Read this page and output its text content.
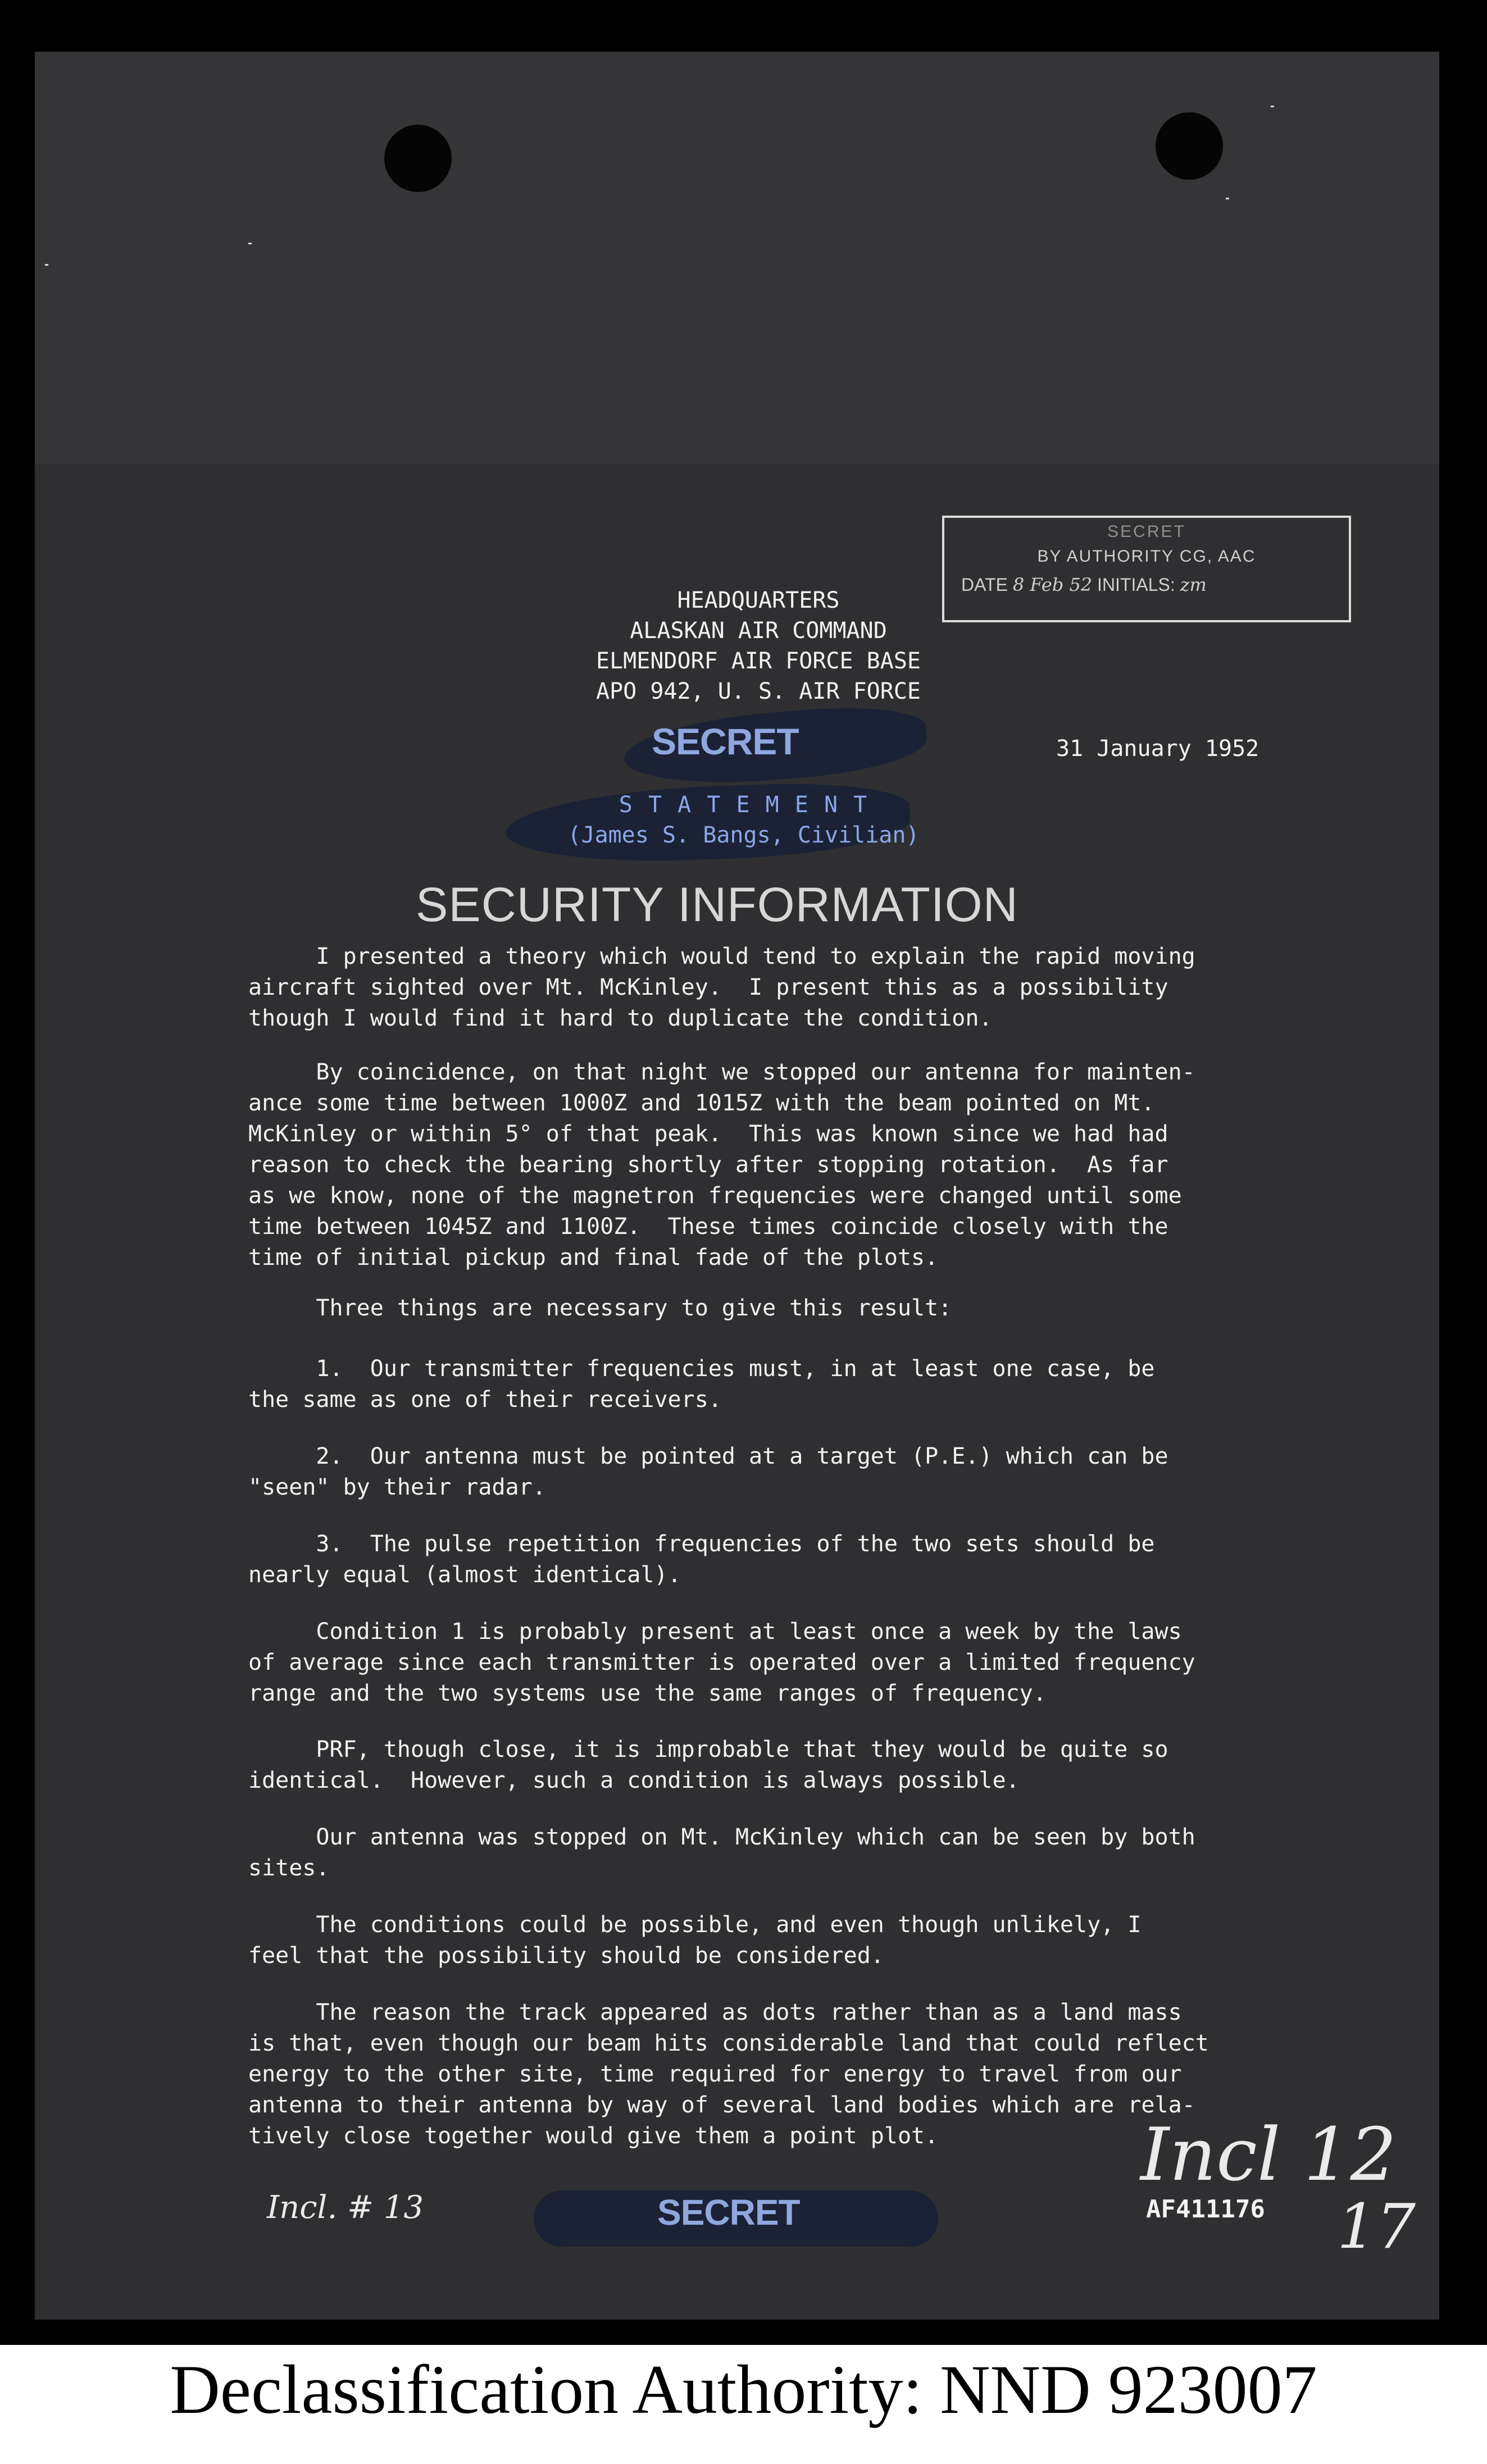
HEADQUARTERS
ALASKAN AIR COMMAND
ELMENDORF AIR FORCE BASE
APO 942, U. S. AIR FORCE
SECRET
BY AUTHORITY CG, AAC
DATE 8 Feb 52 INITIALS: zm
SECRET	31 January 1952
S T A T E M E N T
(James S. Bangs, Civilian)
SECURITY INFORMATION
I presented a theory which would tend to explain the rapid moving
aircraft sighted over Mt. McKinley.  I present this as a possibility
though I would find it hard to duplicate the condition.
By coincidence, on that night we stopped our antenna for mainten-
ance some time between 1000Z and 1015Z with the beam pointed on Mt.
McKinley or within 5° of that peak.  This was known since we had had
reason to check the bearing shortly after stopping rotation.  As far
as we know, none of the magnetron frequencies were changed until some
time between 1045Z and 1100Z.  These times coincide closely with the
time of initial pickup and final fade of the plots.
Three things are necessary to give this result:
1.  Our transmitter frequencies must, in at least one case, be
the same as one of their receivers.
2.  Our antenna must be pointed at a target (P.E.) which can be
"seen" by their radar.
3.  The pulse repetition frequencies of the two sets should be
nearly equal (almost identical).
Condition 1 is probably present at least once a week by the laws
of average since each transmitter is operated over a limited frequency
range and the two systems use the same ranges of frequency.
PRF, though close, it is improbable that they would be quite so
identical.  However, such a condition is always possible.
Our antenna was stopped on Mt. McKinley which can be seen by both
sites.
The conditions could be possible, and even though unlikely, I
feel that the possibility should be considered.
The reason the track appeared as dots rather than as a land mass
is that, even though our beam hits considerable land that could reflect
energy to the other site, time required for energy to travel from our
antenna to their antenna by way of several land bodies which are rela-
tively close together would give them a point plot.
Incl. # 13	SECRET
Incl 12
AF411176 17
Declassification Authority: NND 923007
